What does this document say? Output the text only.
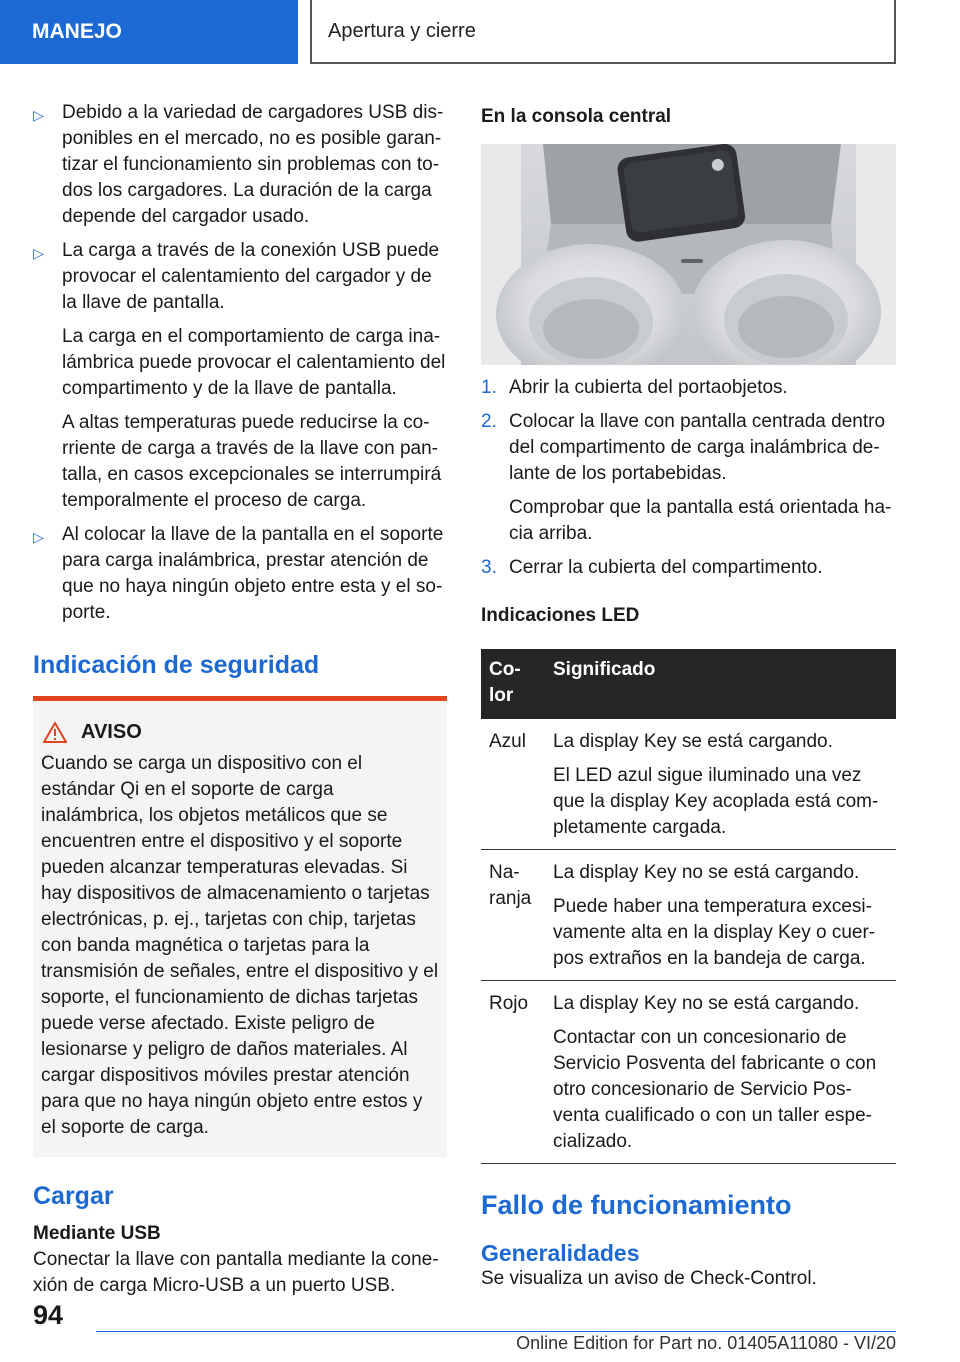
MANEJO	Apertura y cierre
▷ Debido a la variedad de cargadores USB disponibles en el mercado, no es posible garantizar el funcionamiento sin problemas con todos los cargadores. La duración de la carga depende del cargador usado.

▷ La carga a través de la conexión USB puede provocar el calentamiento del cargador y de la llave de pantalla.

La carga en el comportamiento de carga inalámbrica puede provocar el calentamiento del compartimento y de la llave de pantalla.

A altas temperaturas puede reducirse la corriente de carga a través de la llave con pantalla, en casos excepcionales se interrumpirá temporalmente el proceso de carga.

▷ Al colocar la llave de la pantalla en el soporte para carga inalámbrica, prestar atención de que no haya ningún objeto entre esta y el soporte.

Indicación de seguridad
AVISO

Cuando se carga un dispositivo con el estándar Qi en el soporte de carga inalámbrica, los objetos metálicos que se encuentren entre el dispositivo y el soporte pueden alcanzar temperaturas elevadas. Si hay dispositivos de almacenamiento o tarjetas electrónicas, p. ej., tarjetas con chip, tarjetas con banda magnética o tarjetas para la transmisión de señales, entre el dispositivo y el soporte, el funcionamiento de dichas tarjetas puede verse afectado. Existe peligro de lesionarse y peligro de daños materiales. Al cargar dispositivos móviles prestar atención para que no haya ningún objeto entre estos y el soporte de carga.

Cargar

Mediante USB

Conectar la llave con pantalla mediante la conexión de carga Micro-USB a un puerto USB.

En la consola central

1. Abrir la cubierta del portaobjetos.

2. Colocar la llave con pantalla centrada dentro del compartimento de carga inalámbrica delante de los portabebidas.

Comprobar que la pantalla está orientada hacia arriba.

3. Cerrar la cubierta del compartimento.

Indicaciones LED

Color	Significado
Azul	La display Key se está cargando.

El LED azul sigue iluminado una vez que la display Key acoplada está completamente cargada.

Naranja	La display Key no se está cargando.

Puede haber una temperatura excesivamente alta en la display Key o cuerpos extraños en la bandeja de carga.

Rojo	La display Key no se está cargando.

Contactar con un concesionario de Servicio Posventa del fabricante o con otro concesionario de Servicio Posventa cualificado o con un taller especializado.

Fallo de funcionamiento
Generalidades

Se visualiza un aviso de Check-Control.

94
Online Edition for Part no. 01405A11080 - VI/20
